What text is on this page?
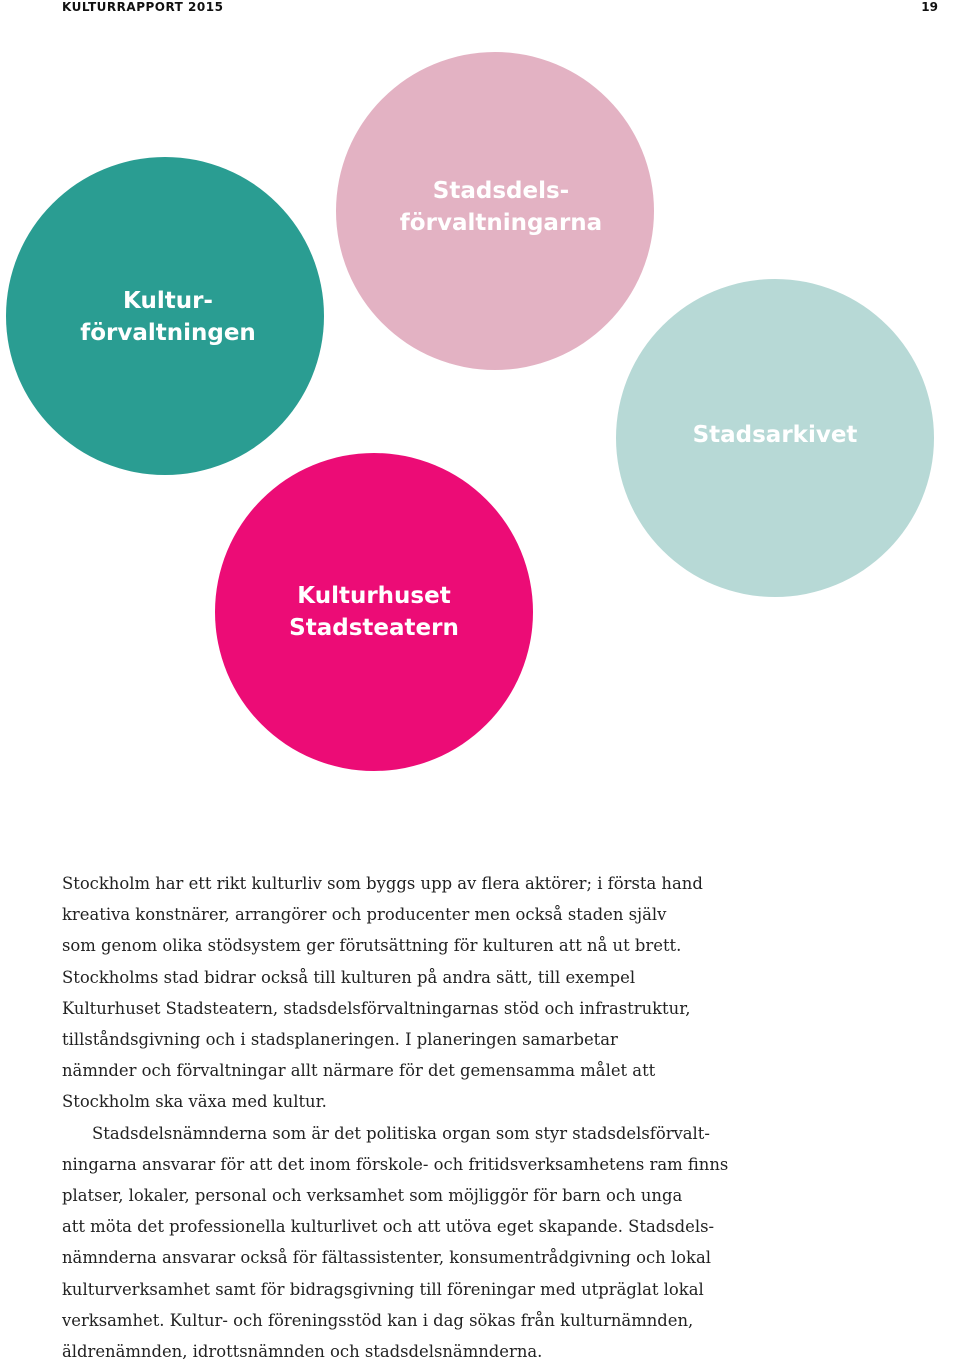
KULTURRAPPORT 2015	19
Kultur-
förvaltningen
Stadsdels-
förvaltningarna
Stadsarkivet
Kulturhuset
Stadsteatern
Stockholm har ett rikt kulturliv som byggs upp av flera aktörer; i första hand
kreativa konstnärer, arrangörer och producenter men också staden själv
som genom olika stödsystem ger förutsättning för kulturen att nå ut brett.
Stockholms stad bidrar också till kulturen på andra sätt, till exempel
Kulturhuset Stadsteatern, stadsdelsförvaltningarnas stöd och infrastruktur,
tillståndsgivning och i stadsplaneringen. I planeringen samarbetar
nämnder och förvaltningar allt närmare för det gemensamma målet att
Stockholm ska växa med kultur.
Stadsdelsnämnderna som är det politiska organ som styr stadsdelsförvalt-
ningarna ansvarar för att det inom förskole- och fritidsverksamhetens ram finns
platser, lokaler, personal och verksamhet som möjliggör för barn och unga
att möta det professionella kulturlivet och att utöva eget skapande. Stadsdels-
nämnderna ansvarar också för fältassistenter, konsumentrådgivning och lokal
kulturverksamhet samt för bidragsgivning till föreningar med utpräglat lokal
verksamhet. Kultur- och föreningsstöd kan i dag sökas från kulturnämnden,
äldrenämnden, idrottsnämnden och stadsdelsnämnderna.
